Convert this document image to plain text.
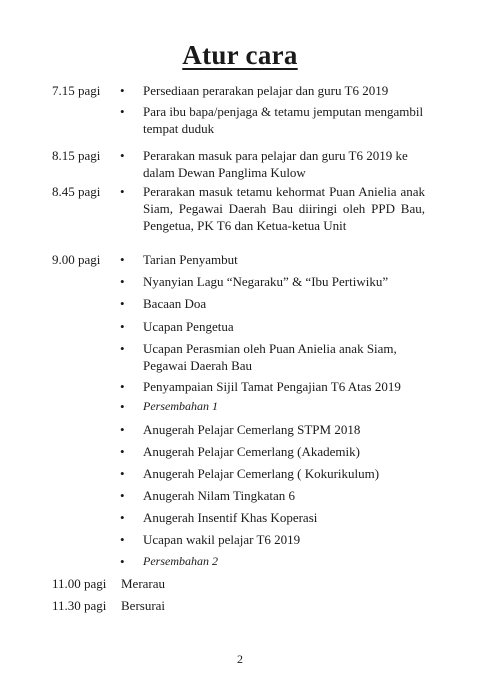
Atur cara
7.15 pagi	Persediaan perarakan pelajar dan guru T6 2019
Para ibu bapa/penjaga & tetamu jemputan mengambil tempat duduk
8.15 pagi	Perarakan masuk para pelajar dan guru T6 2019 ke dalam Dewan Panglima Kulow
8.45 pagi	Perarakan masuk tetamu kehormat Puan Anielia anak Siam, Pegawai Daerah Bau diiringi oleh PPD Bau, Pengetua, PK T6 dan Ketua-ketua Unit
9.00 pagi	Tarian Penyambut
Nyanyian Lagu “Negaraku” & “Ibu Pertiwiku”
Bacaan Doa
Ucapan Pengetua
Ucapan Perasmian oleh Puan Anielia anak Siam, Pegawai Daerah Bau
Penyampaian Sijil Tamat Pengajian T6 Atas 2019
Persembahan 1
Anugerah Pelajar Cemerlang STPM 2018
Anugerah Pelajar Cemerlang (Akademik)
Anugerah Pelajar Cemerlang ( Kokurikulum)
Anugerah Nilam Tingkatan 6
Anugerah Insentif Khas Koperasi
Ucapan wakil pelajar T6 2019
Persembahan 2
11.00 pagi Merarau
11.30 pagi Bersurai
2
